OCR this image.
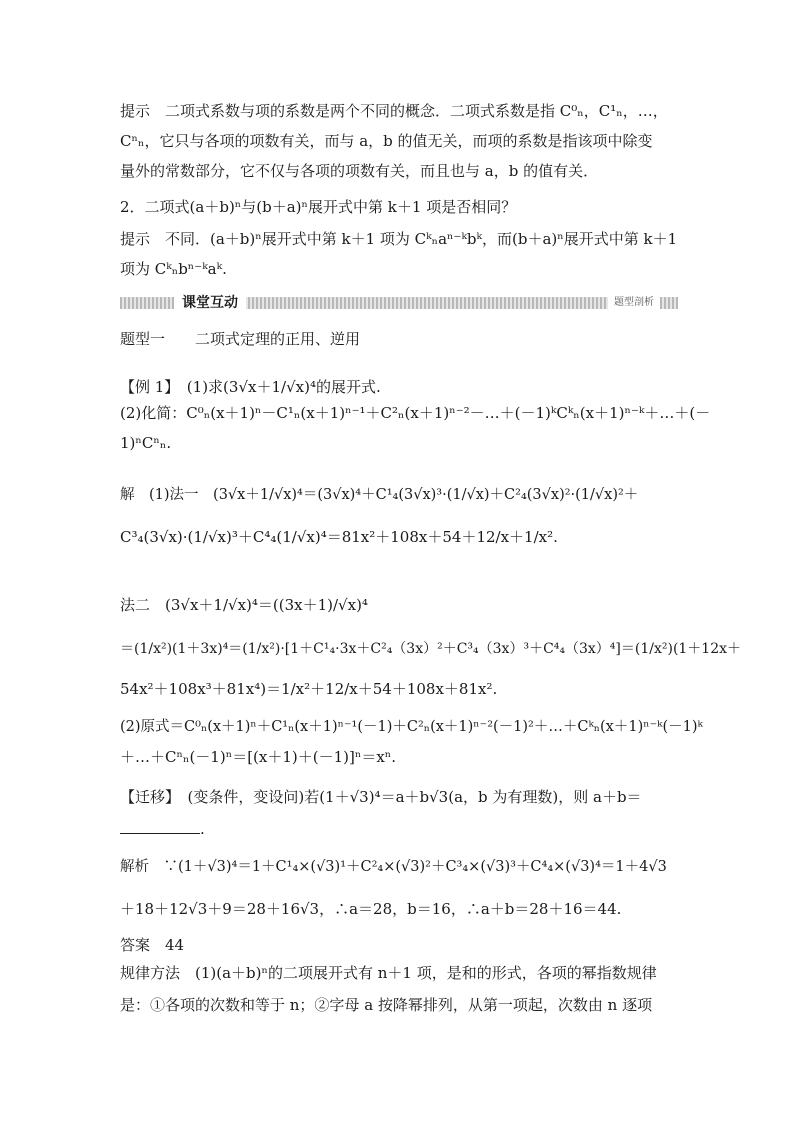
提示　二项式系数与项的系数是两个不同的概念．二项式系数是指 C⁰ₙ，C¹ₙ，…，
Cⁿₙ，它只与各项的项数有关，而与 a，b 的值无关，而项的系数是指该项中除变
量外的常数部分，它不仅与各项的项数有关，而且也与 a，b 的值有关．
2．二项式(a＋b)ⁿ与(b＋a)ⁿ展开式中第 k＋1 项是否相同？
提示　不同．(a＋b)ⁿ展开式中第 k＋1 项为 Cᵏₙaⁿ⁻ᵏbᵏ，而(b＋a)ⁿ展开式中第 k＋1
项为 Cᵏₙbⁿ⁻ᵏaᵏ.
课堂互动	题型剖析
题型一　　二项式定理的正用、逆用
【例 1】　(1)求(3√x＋1/√x)⁴的展开式.
(2)化简：C⁰ₙ(x＋1)ⁿ－C¹ₙ(x＋1)ⁿ⁻¹＋C²ₙ(x＋1)ⁿ⁻²－…＋(－1)ᵏCᵏₙ(x＋1)ⁿ⁻ᵏ＋…＋(－
1)ⁿCⁿₙ.
解　(1)法一　(3√x＋1/√x)⁴＝(3√x)⁴＋C¹₄(3√x)³·(1/√x)＋C²₄(3√x)²·(1/√x)²＋
C³₄(3√x)·(1/√x)³＋C⁴₄(1/√x)⁴＝81x²＋108x＋54＋12/x＋1/x².
法二　(3√x＋1/√x)⁴＝((3x＋1)/√x)⁴
＝(1/x²)(1＋3x)⁴＝(1/x²)·[1＋C¹₄·3x＋C²₄（3x）²＋C³₄（3x）³＋C⁴₄（3x）⁴]＝(1/x²)(1＋12x＋
54x²＋108x³＋81x⁴)＝1/x²＋12/x＋54＋108x＋81x².
(2)原式＝C⁰ₙ(x＋1)ⁿ＋C¹ₙ(x＋1)ⁿ⁻¹(－1)＋C²ₙ(x＋1)ⁿ⁻²(－1)²＋…＋Cᵏₙ(x＋1)ⁿ⁻ᵏ(－1)ᵏ
＋…＋Cⁿₙ(－1)ⁿ＝[(x＋1)＋(－1)]ⁿ＝xⁿ.
【迁移】　(变条件，变设问)若(1＋√3)⁴＝a＋b√3(a，b 为有理数)，则 a＋b＝
.
解析　∵(1＋√3)⁴＝1＋C¹₄×(√3)¹＋C²₄×(√3)²＋C³₄×(√3)³＋C⁴₄×(√3)⁴＝1＋4√3
＋18＋12√3＋9＝28＋16√3，∴a＝28，b＝16，∴a＋b＝28＋16＝44.
答案　44
规律方法　(1)(a＋b)ⁿ的二项展开式有 n＋1 项，是和的形式，各项的幂指数规律
是：①各项的次数和等于 n；②字母 a 按降幂排列，从第一项起，次数由 n 逐项
